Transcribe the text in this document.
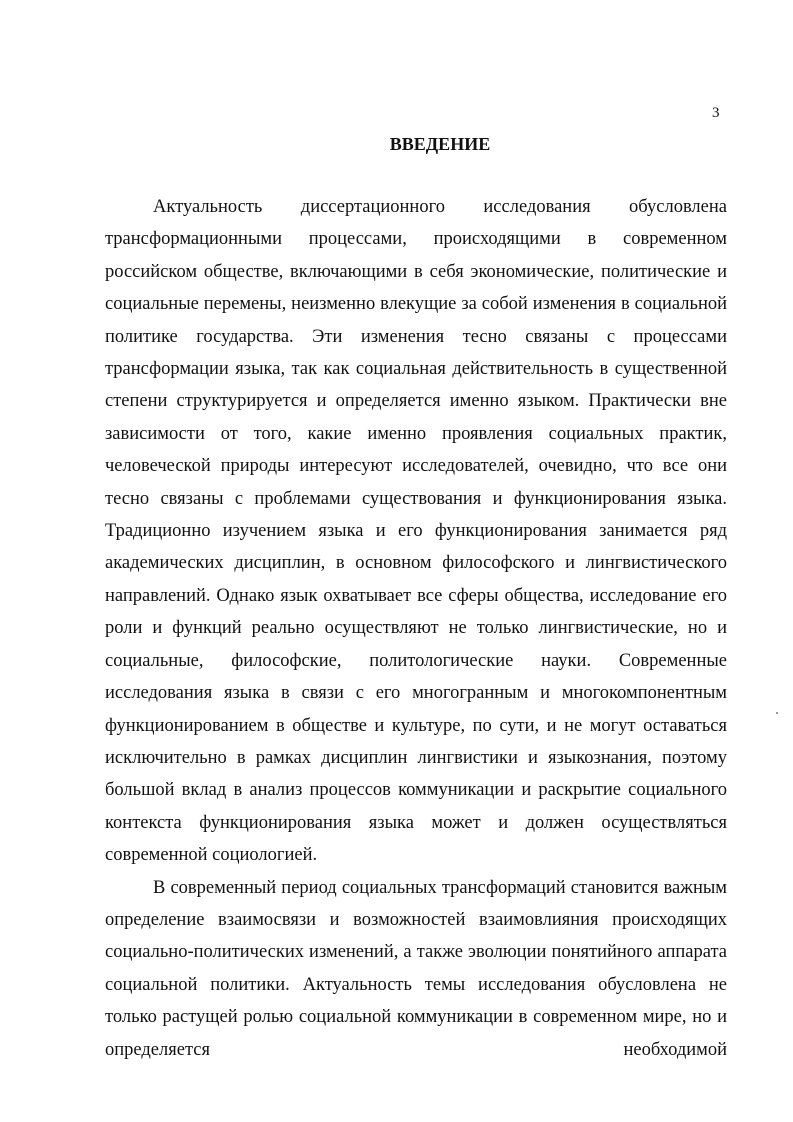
3
ВВЕДЕНИЕ

Актуальность диссертационного исследования обусловлена трансформационными процессами, происходящими в современном российском обществе, включающими в себя экономические, политические и социальные перемены, неизменно влекущие за собой изменения в социальной политике государства. Эти изменения тесно связаны с процессами трансформации языка, так как социальная действительность в существенной степени структурируется и определяется именно языком. Практически вне зависимости от того, какие именно проявления социальных практик, человеческой природы интересуют исследователей, очевидно, что все они тесно связаны с проблемами существования и функционирования языка. Традиционно изучением языка и его функционирования занимается ряд академических дисциплин, в основном философского и лингвистического направлений. Однако язык охватывает все сферы общества, исследование его роли и функций реально осуществляют не только лингвистические, но и социальные, философские, политологические науки. Современные исследования языка в связи с его многогранным и многокомпонентным функционированием в обществе и культуре, по сути, и не могут оставаться исключительно в рамках дисциплин лингвистики и языкознания, поэтому большой вклад в анализ процессов коммуникации и раскрытие социального контекста функционирования языка может и должен осуществляться современной социологией.

В современный период социальных трансформаций становится важным определение взаимосвязи и возможностей взаимовлияния происходящих социально-политических изменений, а также эволюции понятийного аппарата социальной политики. Актуальность темы исследования обусловлена не только растущей ролью социальной коммуникации в современном мире, но и определяется необходимой
